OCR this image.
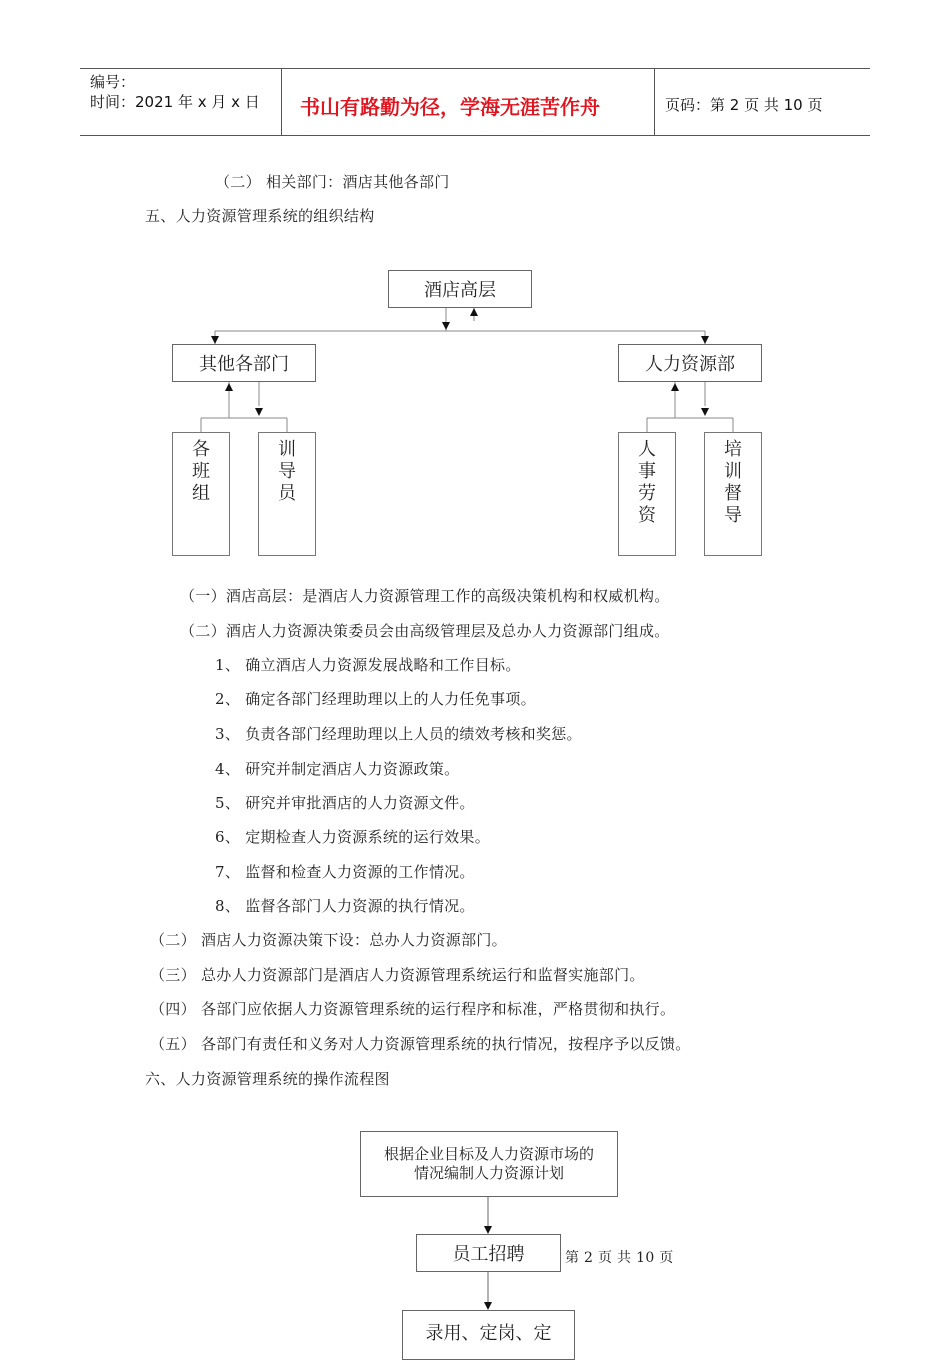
编号：
时间：2021 年 x 月 x 日 书山有路勤为径，学海无涯苦作舟	页码：第 2 页 共 10 页
（二） 相关部门：酒店其他各部门
五、人力资源管理系统的组织结构
酒店高层
其他各部门	人力资源部
各
班
组
训
导
员
人
事
劳
资
培
训
督
导
（一）酒店高层：是酒店人力资源管理工作的高级决策机构和权威机构。
（二）酒店人力资源决策委员会由高级管理层及总办人力资源部门组成。
1、 确立酒店人力资源发展战略和工作目标。
2、 确定各部门经理助理以上的人力任免事项。
3、 负责各部门经理助理以上人员的绩效考核和奖惩。
4、 研究并制定酒店人力资源政策。
5、 研究并审批酒店的人力资源文件。
6、 定期检查人力资源系统的运行效果。
7、 监督和检查人力资源的工作情况。
8、 监督各部门人力资源的执行情况。
（二） 酒店人力资源决策下设：总办人力资源部门。
（三） 总办人力资源部门是酒店人力资源管理系统运行和监督实施部门。
（四） 各部门应依据人力资源管理系统的运行程序和标准，严格贯彻和执行。
（五） 各部门有责任和义务对人力资源管理系统的执行情况，按程序予以反馈。
六、人力资源管理系统的操作流程图
根据企业目标及人力资源市场的
情况编制人力资源计划
员工招聘	第 2 页 共 10 页
录用、定岗、定
